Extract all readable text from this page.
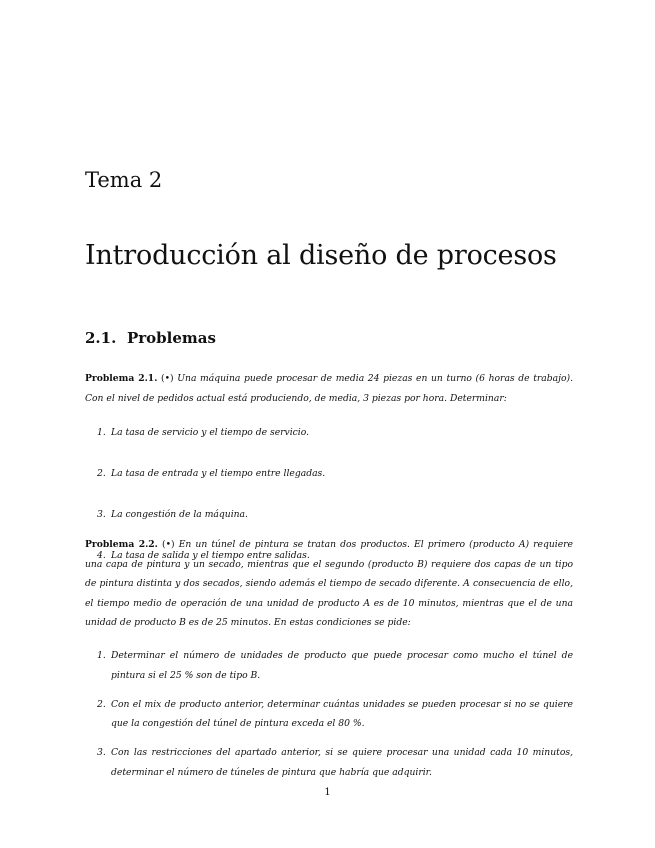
Tema 2
Introducción al diseño de procesos
2.1. Problemas

Problema 2.1. (•) Una máquina puede procesar de media 24 piezas en un turno (6 horas de trabajo). Con el nivel de pedidos actual está produciendo, de media, 3 piezas por hora. Determinar:

1. La tasa de servicio y el tiempo de servicio.
2. La tasa de entrada y el tiempo entre llegadas.
3. La congestión de la máquina.
4. La tasa de salida y el tiempo entre salidas.

Problema 2.2. (•) En un túnel de pintura se tratan dos productos. El primero (producto A) requiere una capa de pintura y un secado, mientras que el segundo (producto B) requiere dos capas de un tipo de pintura distinta y dos secados, siendo además el tiempo de secado diferente. A consecuencia de ello, el tiempo medio de operación de una unidad de producto A es de 10 minutos, mientras que el de una unidad de producto B es de 25 minutos. En estas condiciones se pide:

1. Determinar el número de unidades de producto que puede procesar como mucho el túnel de pintura si el 25 % son de tipo B.
2. Con el mix de producto anterior, determinar cuántas unidades se pueden procesar si no se quiere que la congestión del túnel de pintura exceda el 80 %.
3. Con las restricciones del apartado anterior, si se quiere procesar una unidad cada 10 minutos, determinar el número de túneles de pintura que habría que adquirir.
1
